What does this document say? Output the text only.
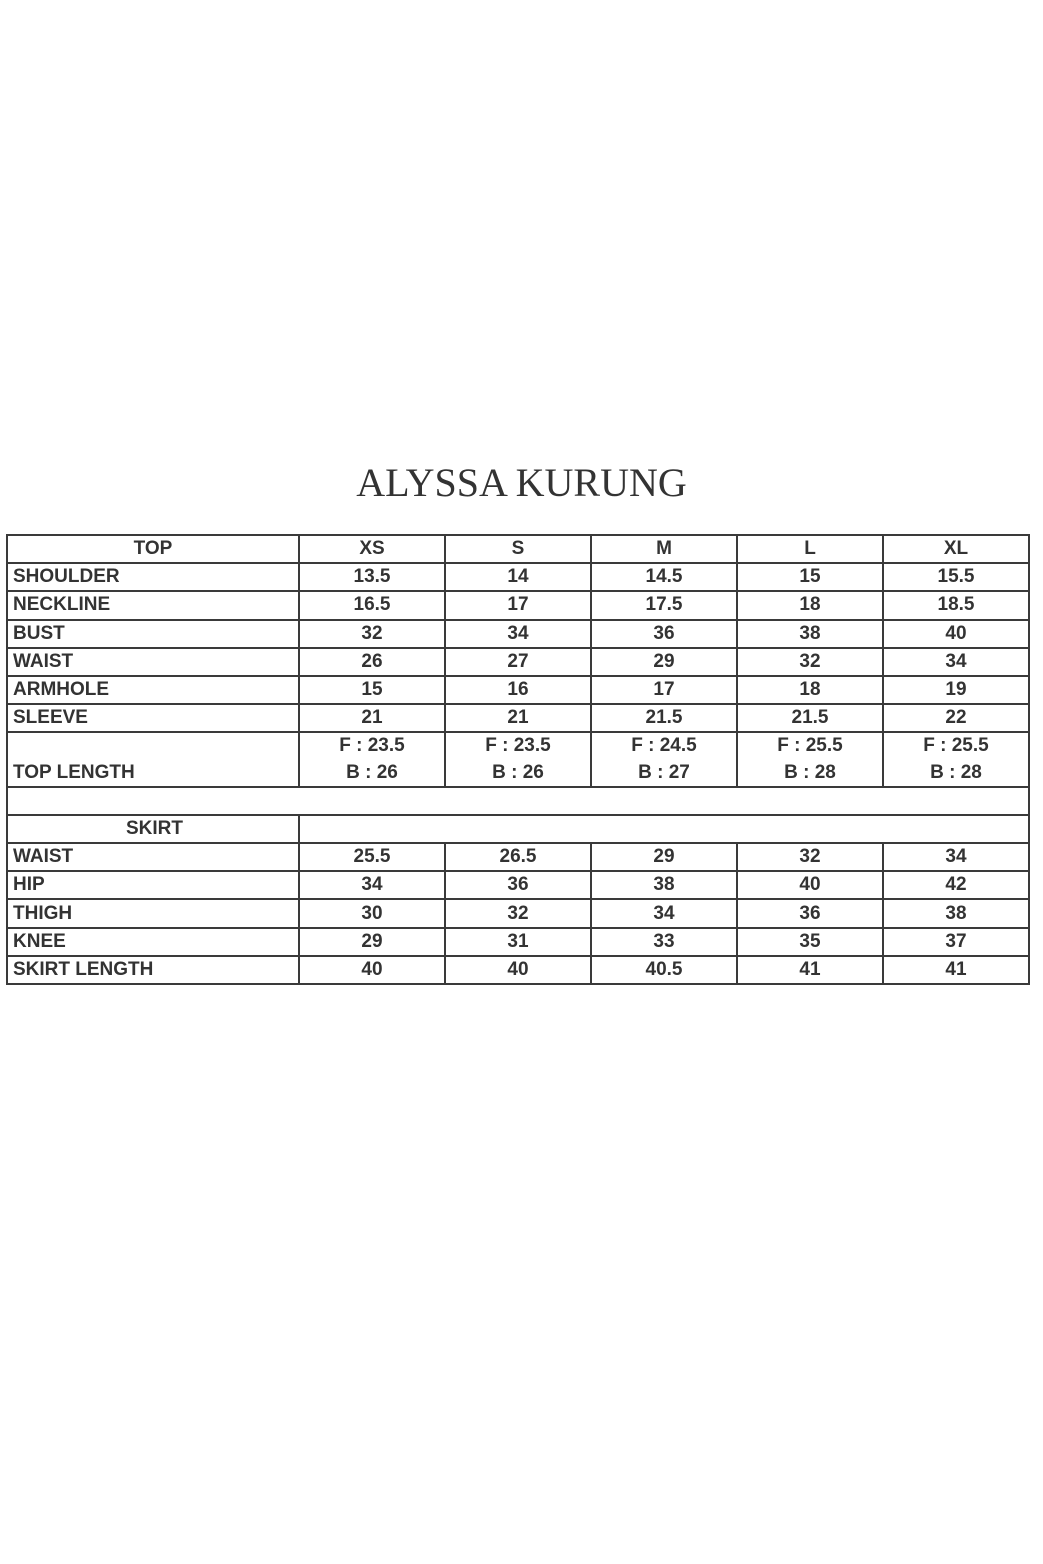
ALYSSA KURUNG
TOP	XS	S	M	L	XL
SHOULDER	13.5	14	14.5	15	15.5
NECKLINE	16.5	17	17.5	18	18.5
BUST	32	34	36	38	40
WAIST	26	27	29	32	34
ARMHOLE	15	16	17	18	19
SLEEVE	21	21	21.5	21.5	22
TOP LENGTH	F : 23.5	F : 23.5	F : 24.5	F : 25.5	F : 25.5
	B : 26	B : 26	B : 27	B : 28	B : 28

SKIRT					
WAIST	25.5	26.5	29	32	34
HIP	34	36	38	40	42
THIGH	30	32	34	36	38
KNEE	29	31	33	35	37
SKIRT LENGTH	40	40	40.5	41	41
